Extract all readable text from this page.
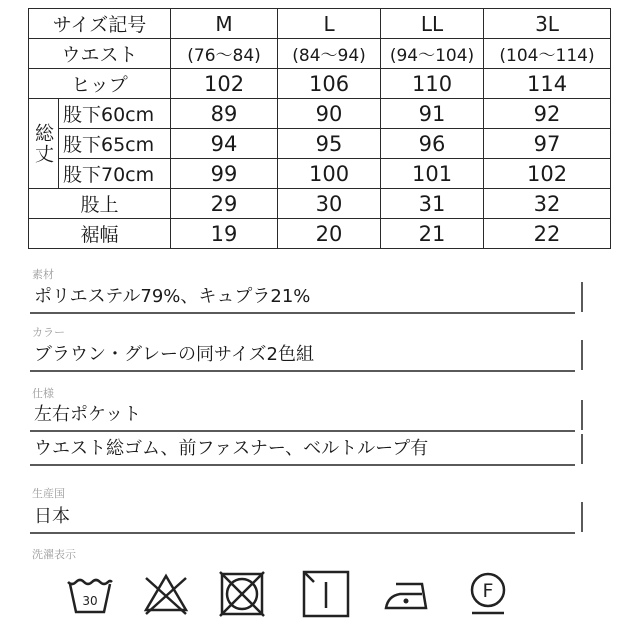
サイズ記号		M	L	LL	3L
ウエスト		(76〜84)	(84〜94)	(94〜104)	(104〜114)
ヒップ		102	106	110	114
総丈	股下60cm	89	90	91	92
	股下65cm	94	95	96	97
	股下70cm	99	100	101	102
股上		29	30	31	32
裾幅		19	20	21	22
素材
ポリエステル79%、キュプラ21%
カラー
ブラウン・グレーの同サイズ2色組
仕様
左右ポケット
ウエスト総ゴム、前ファスナー、ベルトループ有
生産国
日本
洗濯表示
30	F
